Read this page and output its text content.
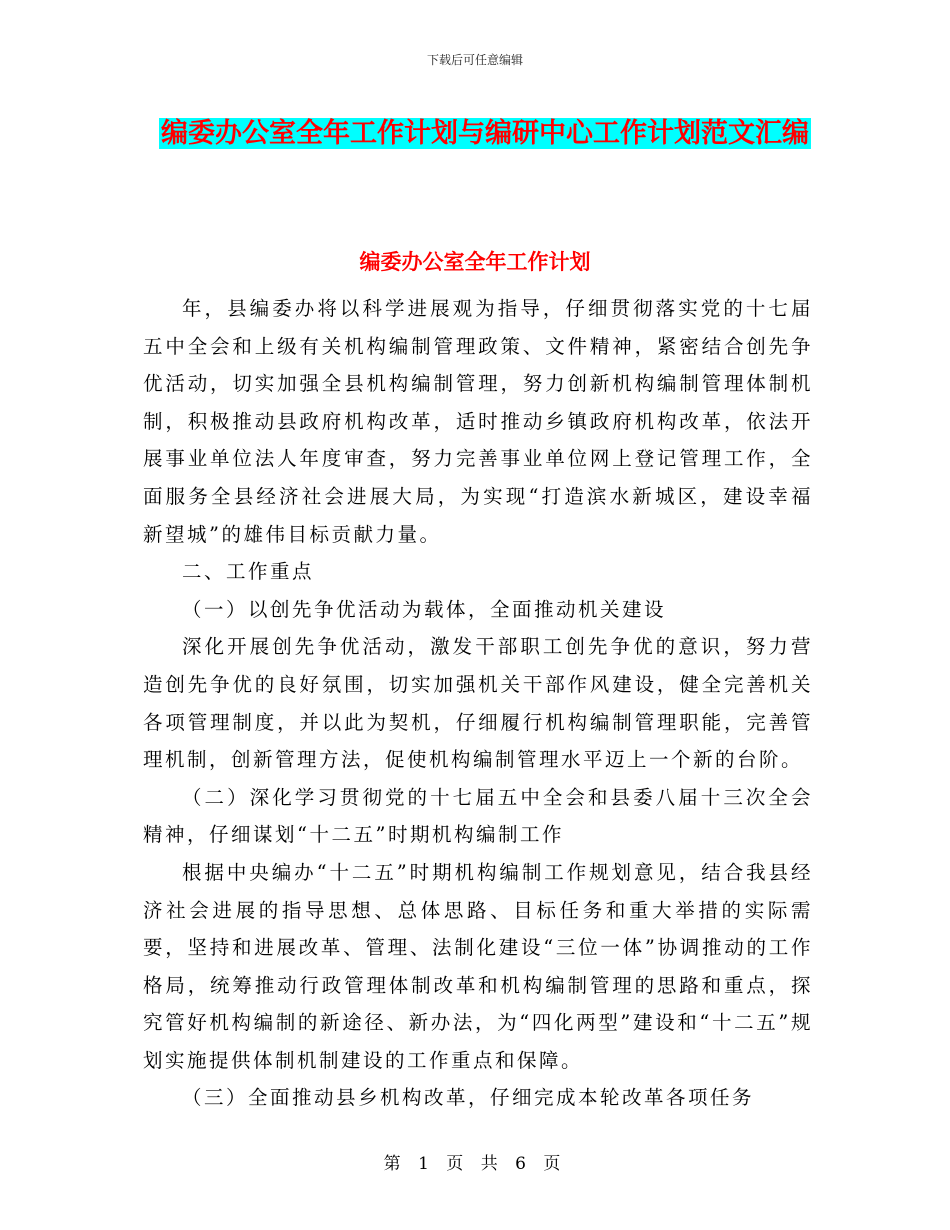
下载后可任意编辑
编委办公室全年工作计划与编研中心工作计划范文汇编
编委办公室全年工作计划

年，县编委办将以科学进展观为指导，仔细贯彻落实党的十七届五中全会和上级有关机构编制管理政策、文件精神，紧密结合创先争优活动，切实加强全县机构编制管理，努力创新机构编制管理体制机制，积极推动县政府机构改革，适时推动乡镇政府机构改革，依法开展事业单位法人年度审查，努力完善事业单位网上登记管理工作，全面服务全县经济社会进展大局，为实现“打造滨水新城区，建设幸福新望城”的雄伟目标贡献力量。

二、工作重点

（一）以创先争优活动为载体，全面推动机关建设

深化开展创先争优活动，激发干部职工创先争优的意识，努力营造创先争优的良好氛围，切实加强机关干部作风建设，健全完善机关各项管理制度，并以此为契机，仔细履行机构编制管理职能，完善管理机制，创新管理方法，促使机构编制管理水平迈上一个新的台阶。

（二）深化学习贯彻党的十七届五中全会和县委八届十三次全会精神，仔细谋划“十二五”时期机构编制工作

根据中央编办“十二五”时期机构编制工作规划意见，结合我县经济社会进展的指导思想、总体思路、目标任务和重大举措的实际需要，坚持和进展改革、管理、法制化建设“三位一体”协调推动的工作格局，统筹推动行政管理体制改革和机构编制管理的思路和重点，探究管好机构编制的新途径、新办法，为“四化两型”建设和“十二五”规划实施提供体制机制建设的工作重点和保障。

（三）全面推动县乡机构改革，仔细完成本轮改革各项任务

第 1 页 共 6 页
